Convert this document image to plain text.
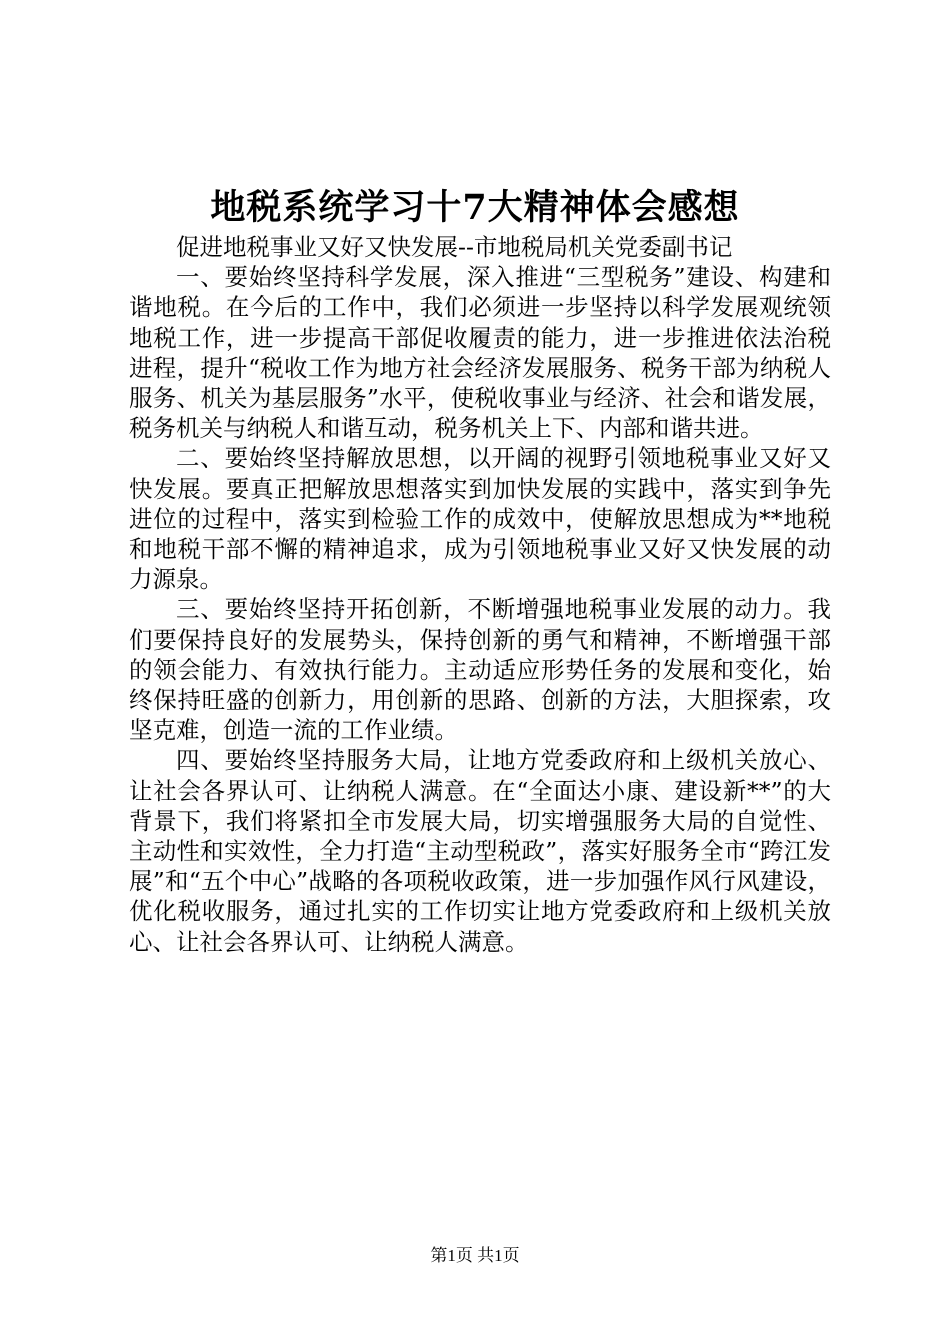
地税系统学习十7大精神体会感想
促进地税事业又好又快发展--市地税局机关党委副书记

一、要始终坚持科学发展，深入推进“三型税务”建设、构建和谐地税。在今后的工作中，我们必须进一步坚持以科学发展观统领地税工作，进一步提高干部促收履责的能力，进一步推进依法治税进程，提升“税收工作为地方社会经济发展服务、税务干部为纳税人服务、机关为基层服务”水平，使税收事业与经济、社会和谐发展，税务机关与纳税人和谐互动，税务机关上下、内部和谐共进。

二、要始终坚持解放思想，以开阔的视野引领地税事业又好又快发展。要真正把解放思想落实到加快发展的实践中，落实到争先进位的过程中，落实到检验工作的成效中，使解放思想成为**地税和地税干部不懈的精神追求，成为引领地税事业又好又快发展的动力源泉。

三、要始终坚持开拓创新，不断增强地税事业发展的动力。我们要保持良好的发展势头，保持创新的勇气和精神，不断增强干部的领会能力、有效执行能力。主动适应形势任务的发展和变化，始终保持旺盛的创新力，用创新的思路、创新的方法，大胆探索，攻坚克难，创造一流的工作业绩。

四、要始终坚持服务大局，让地方党委政府和上级机关放心、让社会各界认可、让纳税人满意。在“全面达小康、建设新**”的大背景下，我们将紧扣全市发展大局，切实增强服务大局的自觉性、主动性和实效性，全力打造“主动型税政”，落实好服务全市“跨江发展”和“五个中心”战略的各项税收政策，进一步加强作风行风建设，优化税收服务，通过扎实的工作切实让地方党委政府和上级机关放心、让社会各界认可、让纳税人满意。

第1页 共1页
